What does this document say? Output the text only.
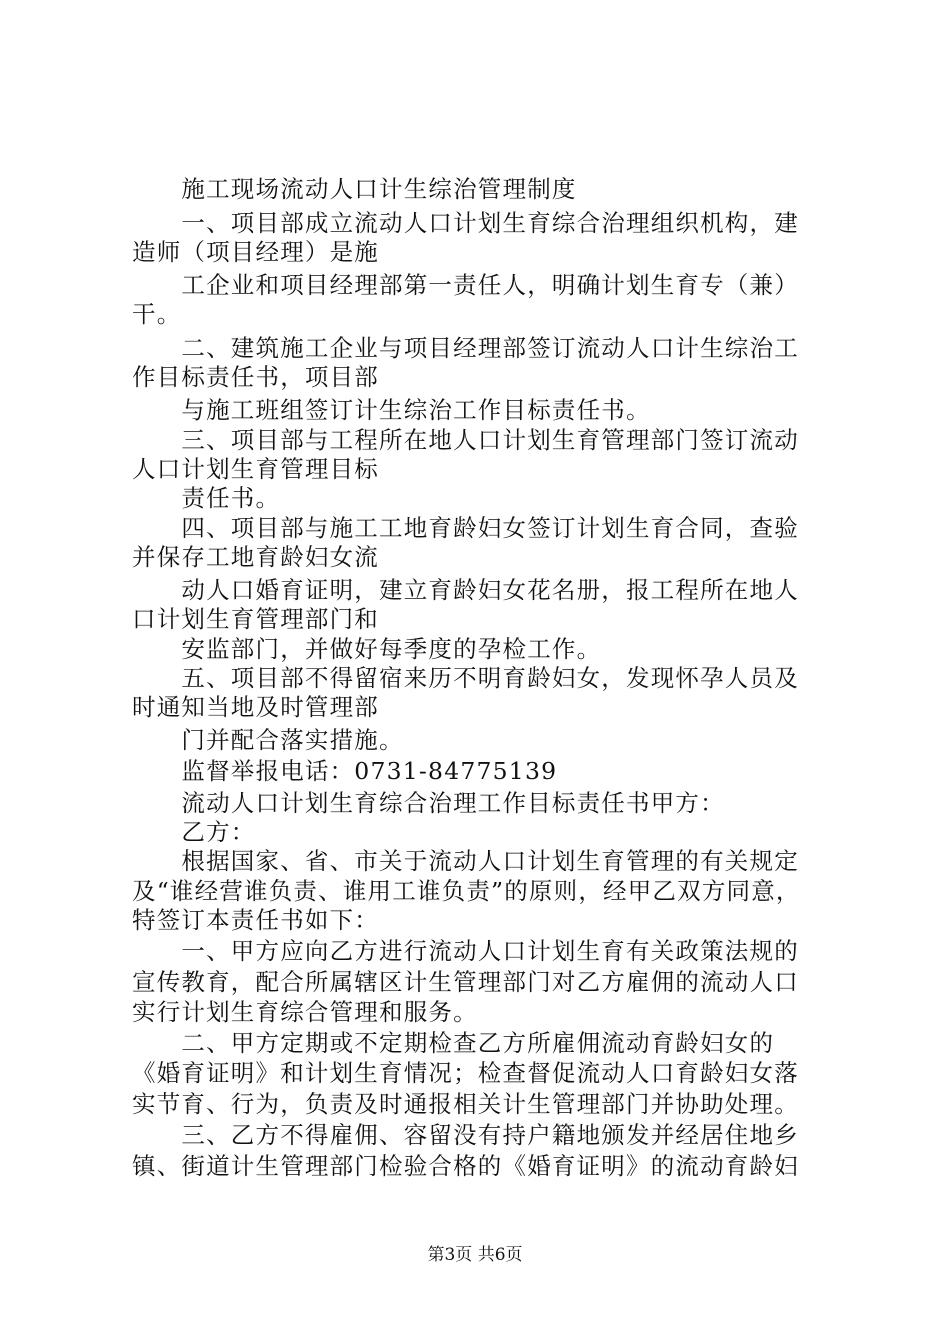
　　施工现场流动人口计生综治管理制度
　　一、项目部成立流动人口计划生育综合治理组织机构，建
造师（项目经理）是施
　　工企业和项目经理部第一责任人，明确计划生育专（兼）
干。
　　二、建筑施工企业与项目经理部签订流动人口计生综治工
作目标责任书，项目部
　　与施工班组签订计生综治工作目标责任书。
　　三、项目部与工程所在地人口计划生育管理部门签订流动
人口计划生育管理目标
　　责任书。
　　四、项目部与施工工地育龄妇女签订计划生育合同，查验
并保存工地育龄妇女流
　　动人口婚育证明，建立育龄妇女花名册，报工程所在地人
口计划生育管理部门和
　　安监部门，并做好每季度的孕检工作。
　　五、项目部不得留宿来历不明育龄妇女，发现怀孕人员及
时通知当地及时管理部
　　门并配合落实措施。
　　监督举报电话：0731-84775139
　　流动人口计划生育综合治理工作目标责任书甲方：
　　乙方：
　　根据国家、省、市关于流动人口计划生育管理的有关规定
及“谁经营谁负责、谁用工谁负责”的原则，经甲乙双方同意，
特签订本责任书如下：
　　一、甲方应向乙方进行流动人口计划生育有关政策法规的
宣传教育，配合所属辖区计生管理部门对乙方雇佣的流动人口
实行计划生育综合管理和服务。
　　二、甲方定期或不定期检查乙方所雇佣流动育龄妇女的
《婚育证明》和计划生育情况；检查督促流动人口育龄妇女落
实节育、行为，负责及时通报相关计生管理部门并协助处理。
　　三、乙方不得雇佣、容留没有持户籍地颁发并经居住地乡
镇、街道计生管理部门检验合格的《婚育证明》的流动育龄妇
第3页 共6页
